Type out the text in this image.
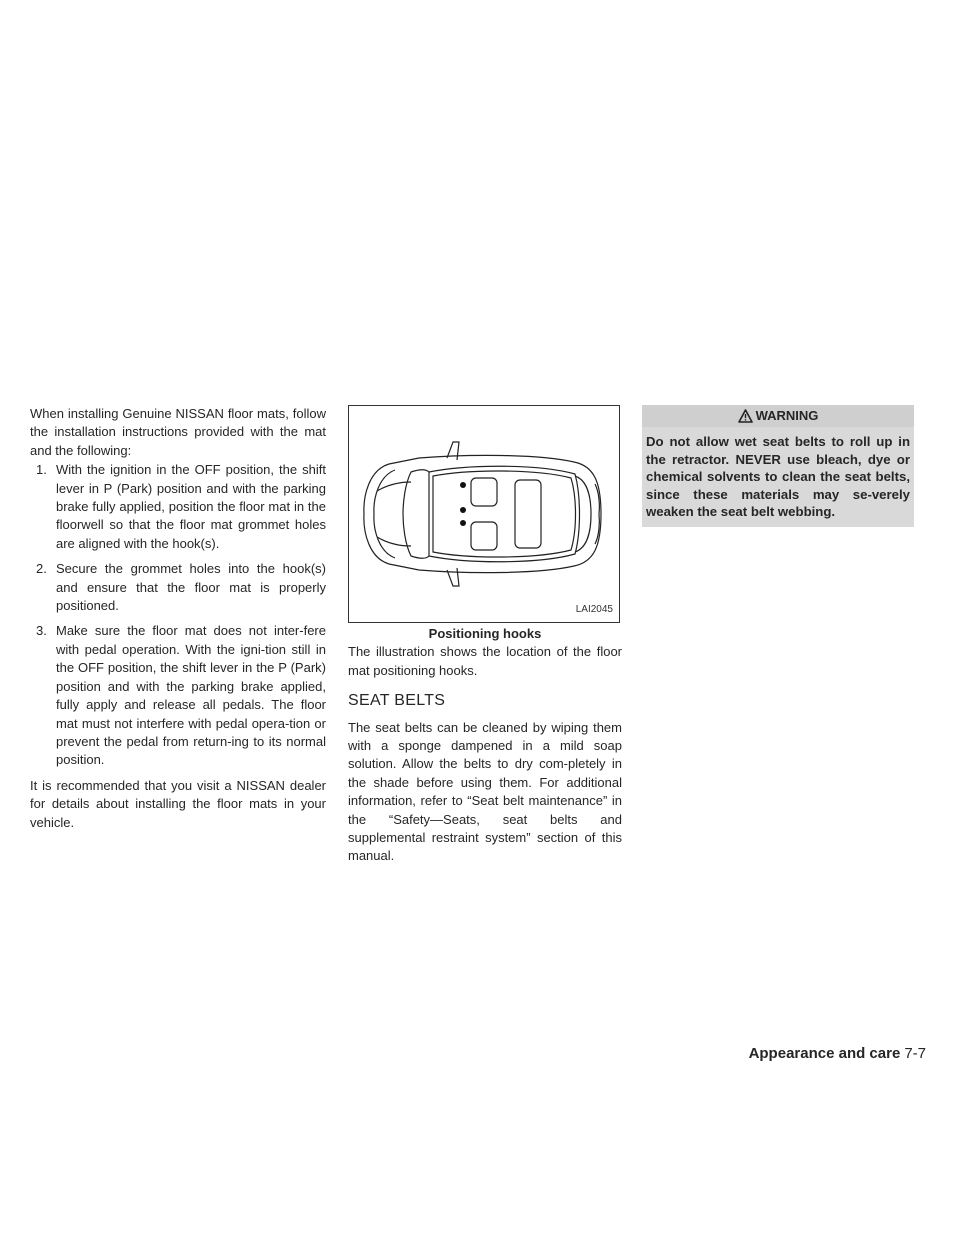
When installing Genuine NISSAN floor mats, follow the installation instructions provided with the mat and the following:

1. With the ignition in the OFF position, the shift lever in P (Park) position and with the parking brake fully applied, position the floor mat in the floorwell so that the floor mat grommet holes are aligned with the hook(s).
2. Secure the grommet holes into the hook(s) and ensure that the floor mat is properly positioned.
3. Make sure the floor mat does not inter-fere with pedal operation. With the igni-tion still in the OFF position, the shift lever in the P (Park) position and with the parking brake applied, fully apply and release all pedals. The floor mat must not interfere with pedal opera-tion or prevent the pedal from return-ing to its normal position.

It is recommended that you visit a NISSAN dealer for details about installing the floor mats in your vehicle.

LAI2045
Positioning hooks

The illustration shows the location of the floor mat positioning hooks.

SEAT BELTS

The seat belts can be cleaned by wiping them with a sponge dampened in a mild soap solution. Allow the belts to dry com-pletely in the shade before using them. For additional information, refer to “Seat belt maintenance” in the “Safety—Seats, seat belts and supplemental restraint system” section of this manual.

WARNING
Do not allow wet seat belts to roll up in the retractor. NEVER use bleach, dye or chemical solvents to clean the seat belts, since these materials may se-verely weaken the seat belt webbing.
Appearance and care 7-7
